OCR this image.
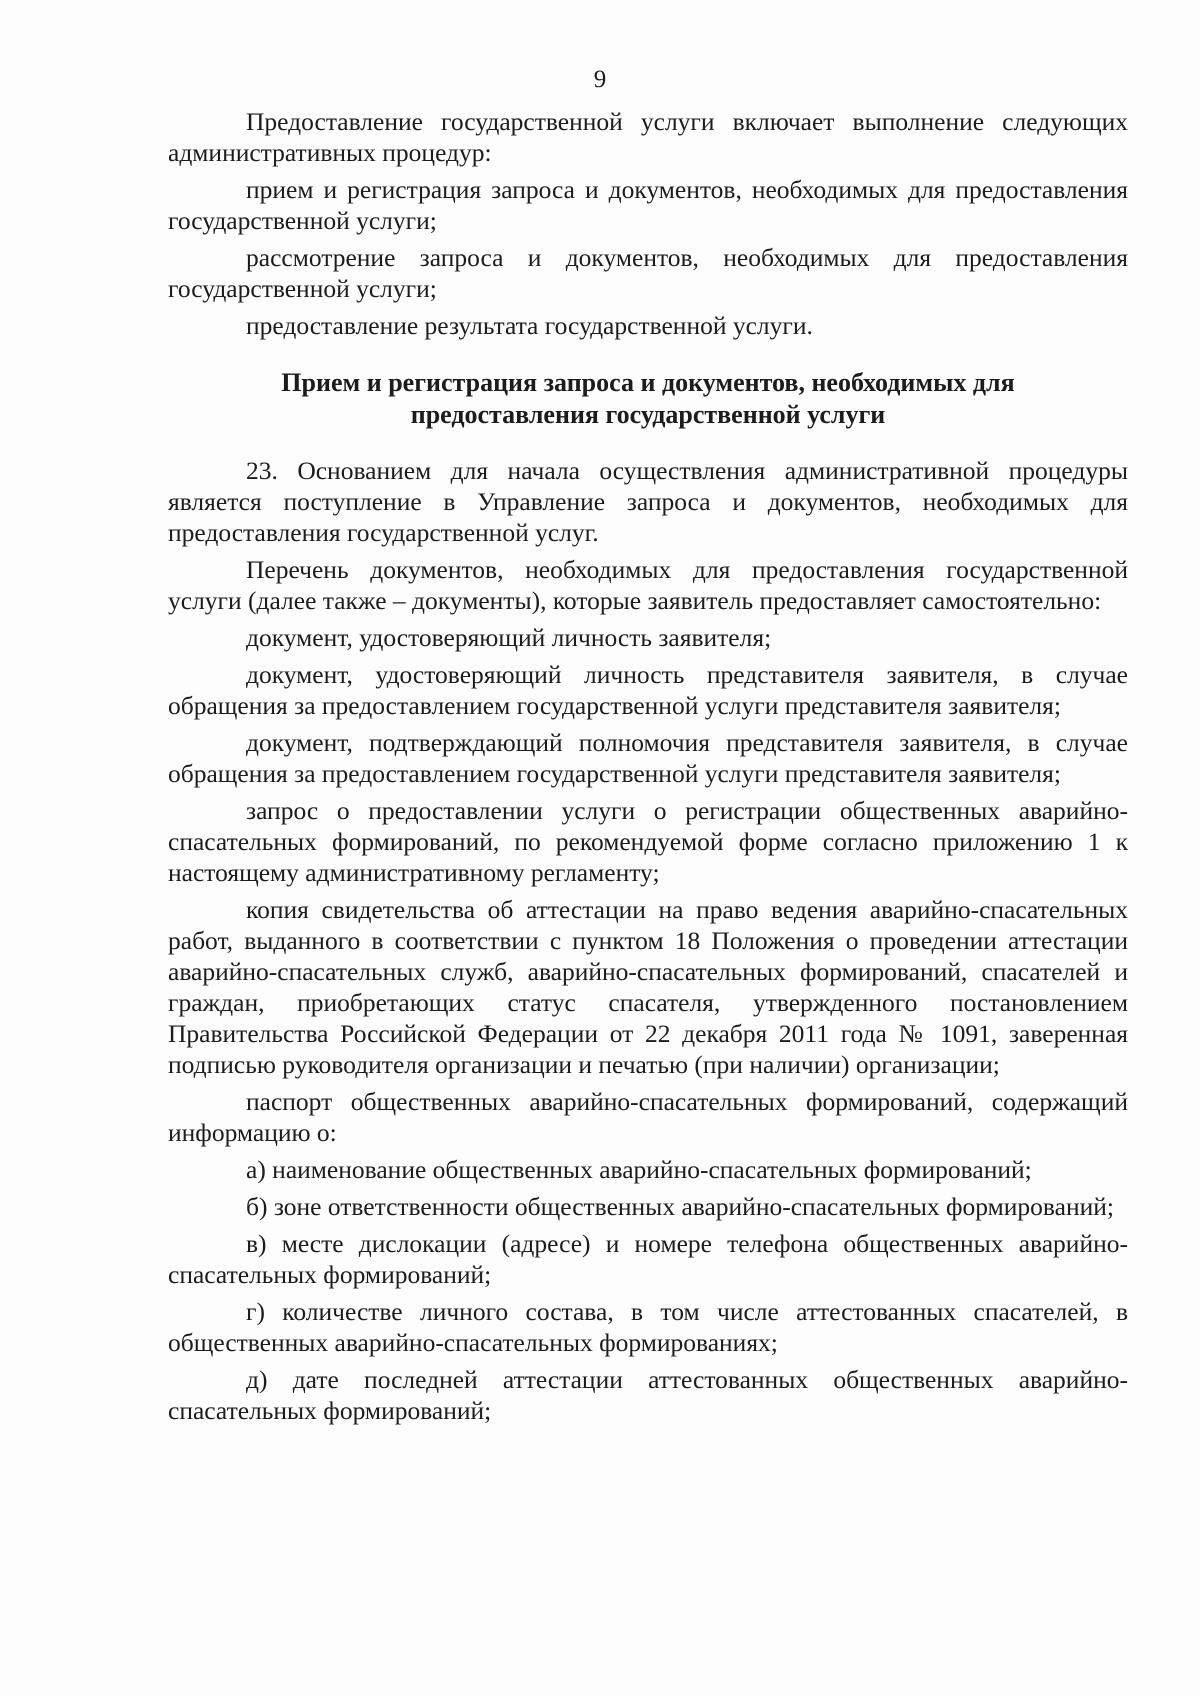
9

Предоставление государственной услуги включает выполнение следующих административных процедур:

прием и регистрация запроса и документов, необходимых для предоставления государственной услуги;

рассмотрение запроса и документов, необходимых для предоставления государственной услуги;

предоставление результата государственной услуги.

Прием и регистрация запроса и документов, необходимых для предоставления государственной услуги

23. Основанием для начала осуществления административной процедуры является поступление в Управление запроса и документов, необходимых для предоставления государственной услуг.

Перечень документов, необходимых для предоставления государственной услуги (далее также – документы), которые заявитель предоставляет самостоятельно:

документ, удостоверяющий личность заявителя;

документ, удостоверяющий личность представителя заявителя, в случае обращения за предоставлением государственной услуги представителя заявителя;

документ, подтверждающий полномочия представителя заявителя, в случае обращения за предоставлением государственной услуги представителя заявителя;

запрос о предоставлении услуги о регистрации общественных аварийно-спасательных формирований, по рекомендуемой форме согласно приложению 1 к настоящему административному регламенту;

копия свидетельства об аттестации на право ведения аварийно-спасательных работ, выданного в соответствии с пунктом 18 Положения о проведении аттестации аварийно-спасательных служб, аварийно-спасательных формирований, спасателей и граждан, приобретающих статус спасателя, утвержденного постановлением Правительства Российской Федерации от 22 декабря 2011 года № 1091, заверенная подписью руководителя организации и печатью (при наличии) организации;

паспорт общественных аварийно-спасательных формирований, содержащий информацию о:

а) наименование общественных аварийно-спасательных формирований;

б) зоне ответственности общественных аварийно-спасательных формирований;

в) месте дислокации (адресе) и номере телефона общественных аварийно-спасательных формирований;

г) количестве личного состава, в том числе аттестованных спасателей, в общественных аварийно-спасательных формированиях;

д) дате последней аттестации аттестованных общественных аварийно-спасательных формирований;
